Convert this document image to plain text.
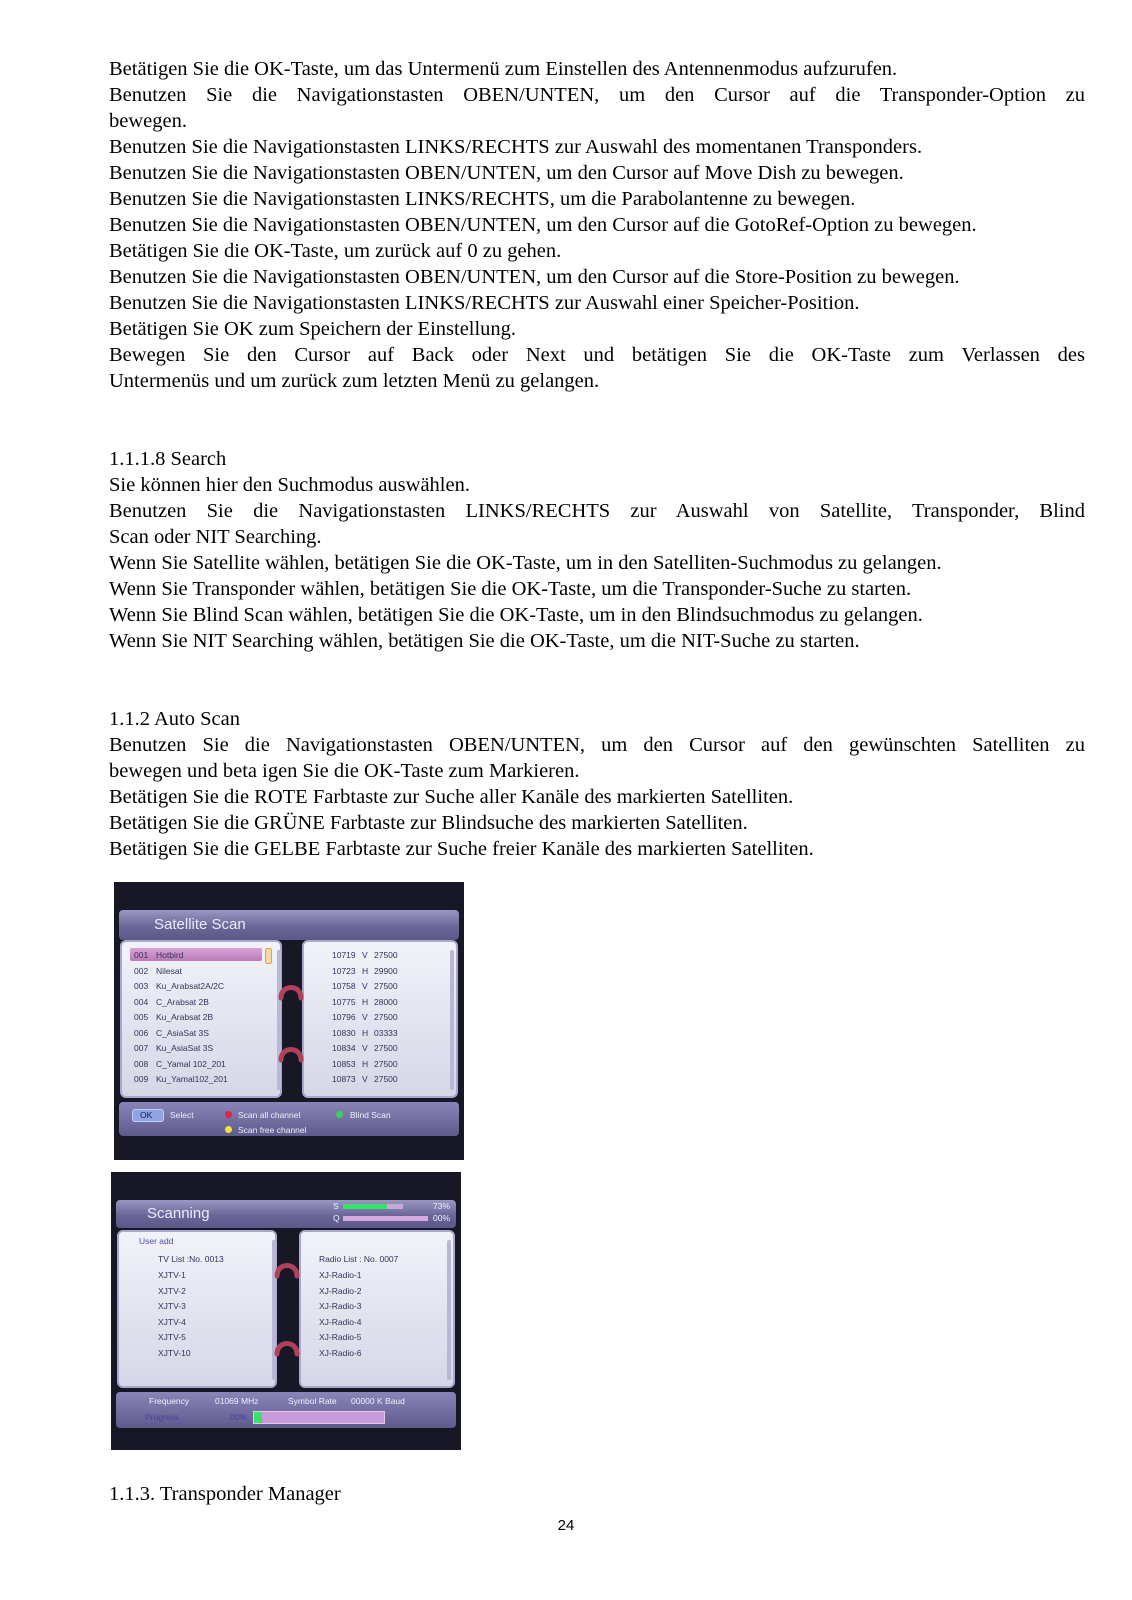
Betätigen Sie die OK-Taste, um das Untermenü zum Einstellen des Antennenmodus aufzurufen.

Benutzen Sie die Navigationstasten OBEN/UNTEN, um den Cursor auf die Transponder-Option zu

bewegen.

Benutzen Sie die Navigationstasten LINKS/RECHTS zur Auswahl des momentanen Transponders.

Benutzen Sie die Navigationstasten OBEN/UNTEN, um den Cursor auf Move Dish zu bewegen.

Benutzen Sie die Navigationstasten LINKS/RECHTS, um die Parabolantenne zu bewegen.

Benutzen Sie die Navigationstasten OBEN/UNTEN, um den Cursor auf die GotoRef-Option zu bewegen.

Betätigen Sie die OK-Taste, um zurück auf 0 zu gehen.

Benutzen Sie die Navigationstasten OBEN/UNTEN, um den Cursor auf die Store-Position zu bewegen.

Benutzen Sie die Navigationstasten LINKS/RECHTS zur Auswahl einer Speicher-Position.

Betätigen Sie OK zum Speichern der Einstellung.

Bewegen Sie den Cursor auf Back oder Next und betätigen Sie die OK-Taste zum Verlassen des

Untermenüs und um zurück zum letzten Menü zu gelangen.

1.1.1.8 Search

Sie können hier den Suchmodus auswählen.

Benutzen Sie die Navigationstasten LINKS/RECHTS zur Auswahl von Satellite, Transponder, Blind

Scan oder NIT Searching.

Wenn Sie Satellite wählen, betätigen Sie die OK-Taste, um in den Satelliten-Suchmodus zu gelangen.

Wenn Sie Transponder wählen, betätigen Sie die OK-Taste, um die Transponder-Suche zu starten.

Wenn Sie Blind Scan wählen, betätigen Sie die OK-Taste, um in den Blindsuchmodus zu gelangen.

Wenn Sie NIT Searching wählen, betätigen Sie die OK-Taste, um die NIT-Suche zu starten.

1.1.2 Auto Scan

Benutzen Sie die Navigationstasten OBEN/UNTEN, um den Cursor auf den gewünschten Satelliten zu

bewegen und beta igen Sie die OK-Taste zum Markieren.

Betätigen Sie die ROTE Farbtaste zur Suche aller Kanäle des markierten Satelliten.

Betätigen Sie die GRÜNE Farbtaste zur Blindsuche des markierten Satelliten.

Betätigen Sie die GELBE Farbtaste zur Suche freier Kanäle des markierten Satelliten.

Satellite Scan
001 Hotbird
002 Nilesat
003 Ku_Arabsat2A/2C
004 C_Arabsat 2B
005 Ku_Arabsat 2B
006 C_AsiaSat 3S
007 Ku_AsiaSat 3S
008 C_Yamal 102_201
009 Ku_Yamal102_201
10719 V 27500
10723 H 29900
10758 V 27500
10775 H 28000
10796 V 27500
10830 H 03333
10834 V 27500
10853 H 27500
10873 V 27500
OK Select	Scan all channel	Blind Scan
Scan free channel
Scanning	S	73%
Q	00%
User add
TV List :No. 0013	Radio List : No. 0007
XJTV-1
XJTV-2
XJTV-3
XJTV-4
XJTV-5
XJTV-10
XJ-Radio-1
XJ-Radio-2
XJ-Radio-3
XJ-Radio-4
XJ-Radio-5
XJ-Radio-6
Frequency	01069 MHz	Symbol Rate 00000 K Baud
Progress	00%

1.1.3. Transponder Manager

24
